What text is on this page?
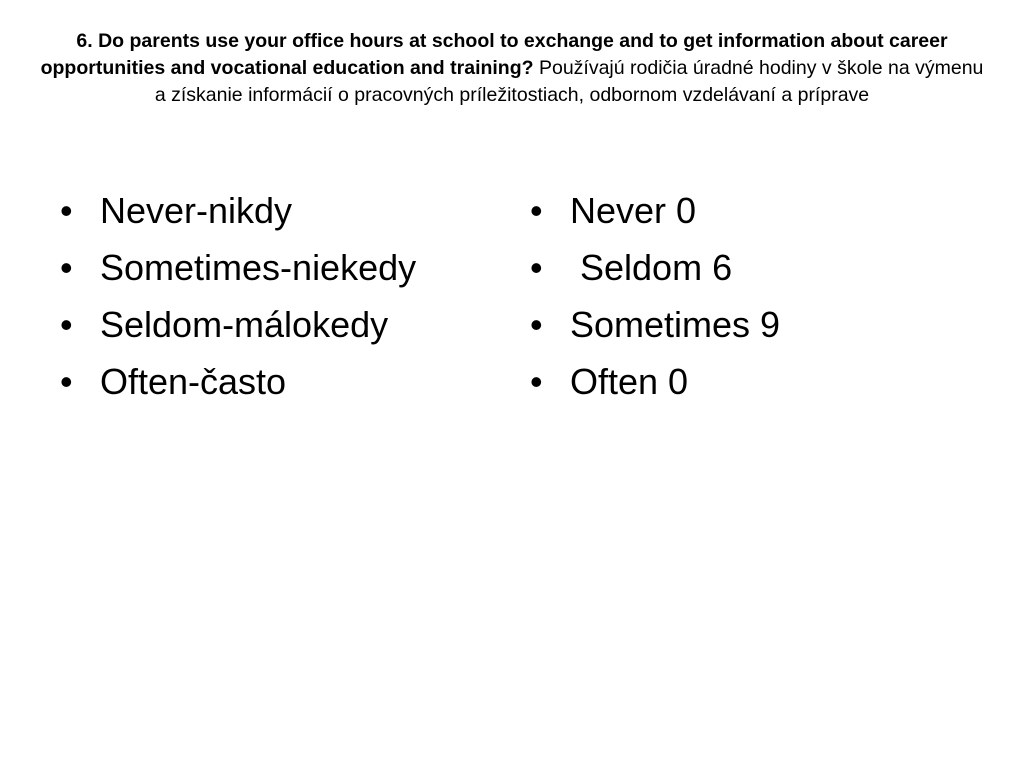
6. Do parents use your office hours at school to exchange and to get information about career opportunities and vocational education and training? Používajú rodičia úradné hodiny v škole na výmenu a získanie informácií o pracovných príležitostiach, odbornom vzdelávaní a príprave

• Never-nikdy
• Sometimes-niekedy
• Seldom-málokedy
• Often-často
• Never 0
• Seldom 6
• Sometimes 9
• Often 0
